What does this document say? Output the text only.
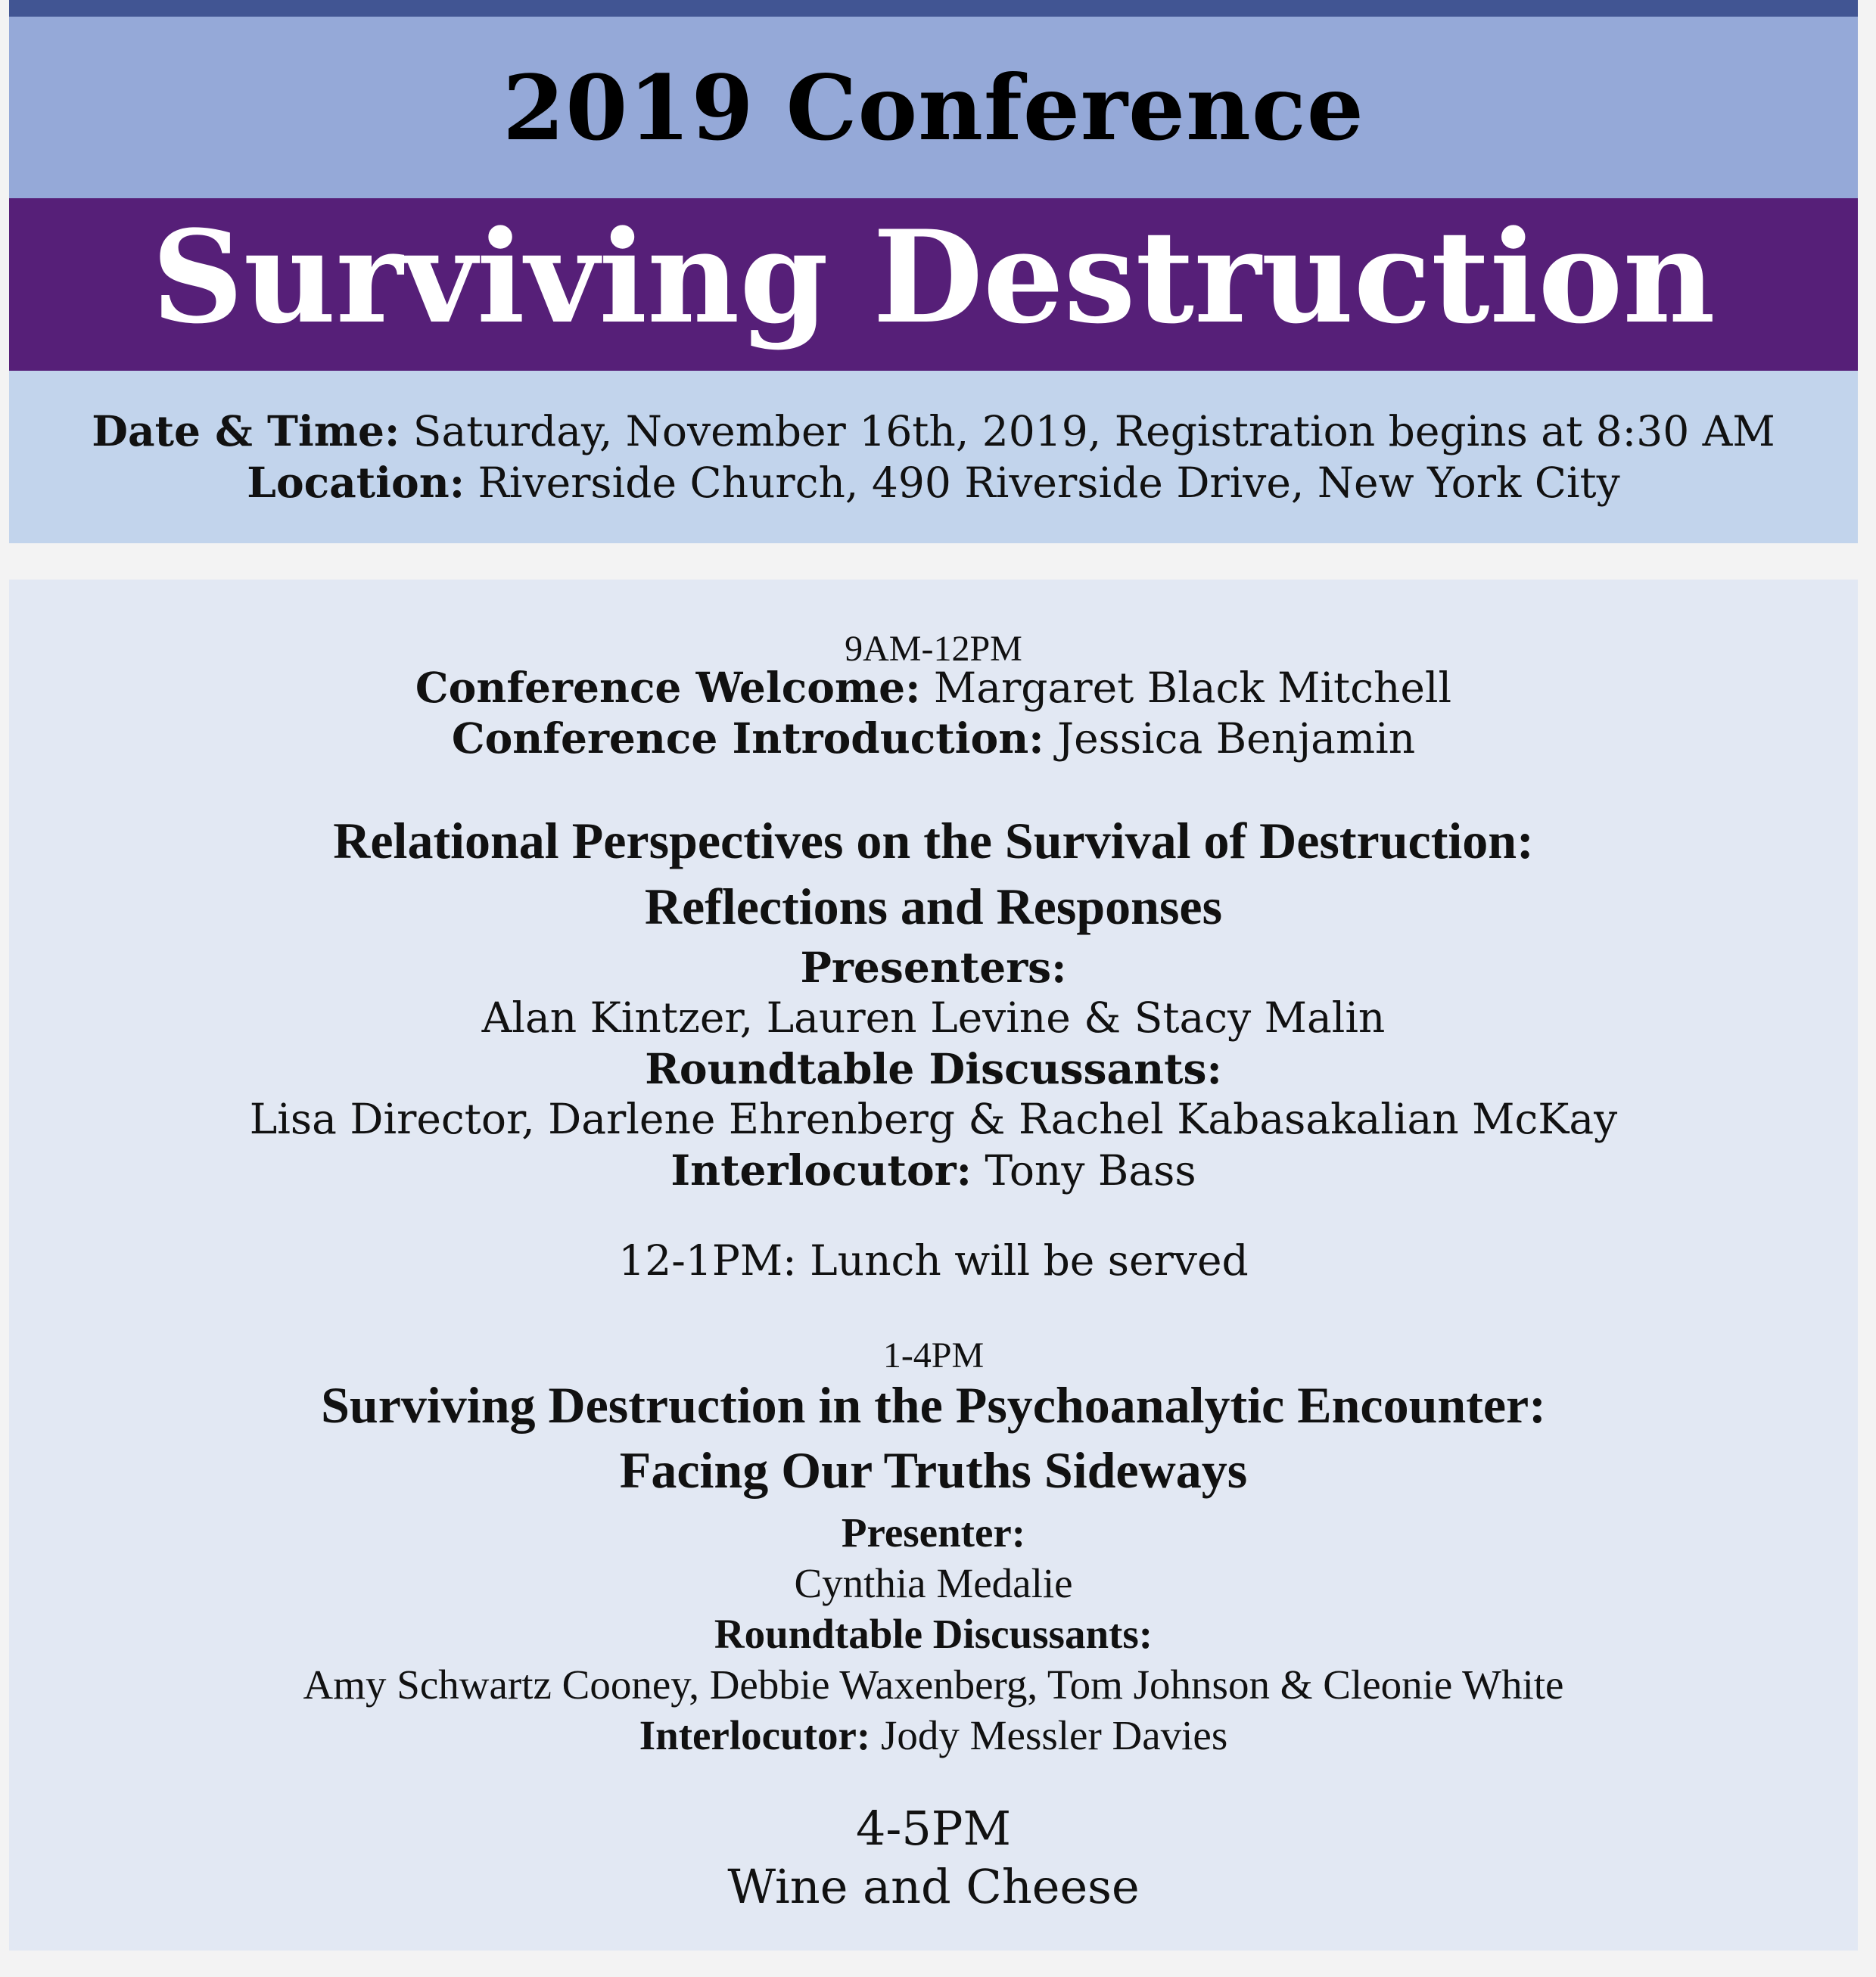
2019 Conference
Surviving Destruction
Date & Time: Saturday, November 16th, 2019, Registration begins at 8:30 AM
Location: Riverside Church, 490 Riverside Drive, New York City
9AM-12PM
Conference Welcome: Margaret Black Mitchell
Conference Introduction: Jessica Benjamin
Relational Perspectives on the Survival of Destruction:
Reflections and Responses
Presenters:
Alan Kintzer, Lauren Levine & Stacy Malin
Roundtable Discussants:
Lisa Director, Darlene Ehrenberg & Rachel Kabasakalian McKay
Interlocutor: Tony Bass
12-1PM: Lunch will be served
1-4PM
Surviving Destruction in the Psychoanalytic Encounter:
Facing Our Truths Sideways
Presenter:
Cynthia Medalie
Roundtable Discussants:
Amy Schwartz Cooney, Debbie Waxenberg, Tom Johnson & Cleonie White
Interlocutor: Jody Messler Davies
4-5PM
Wine and Cheese
